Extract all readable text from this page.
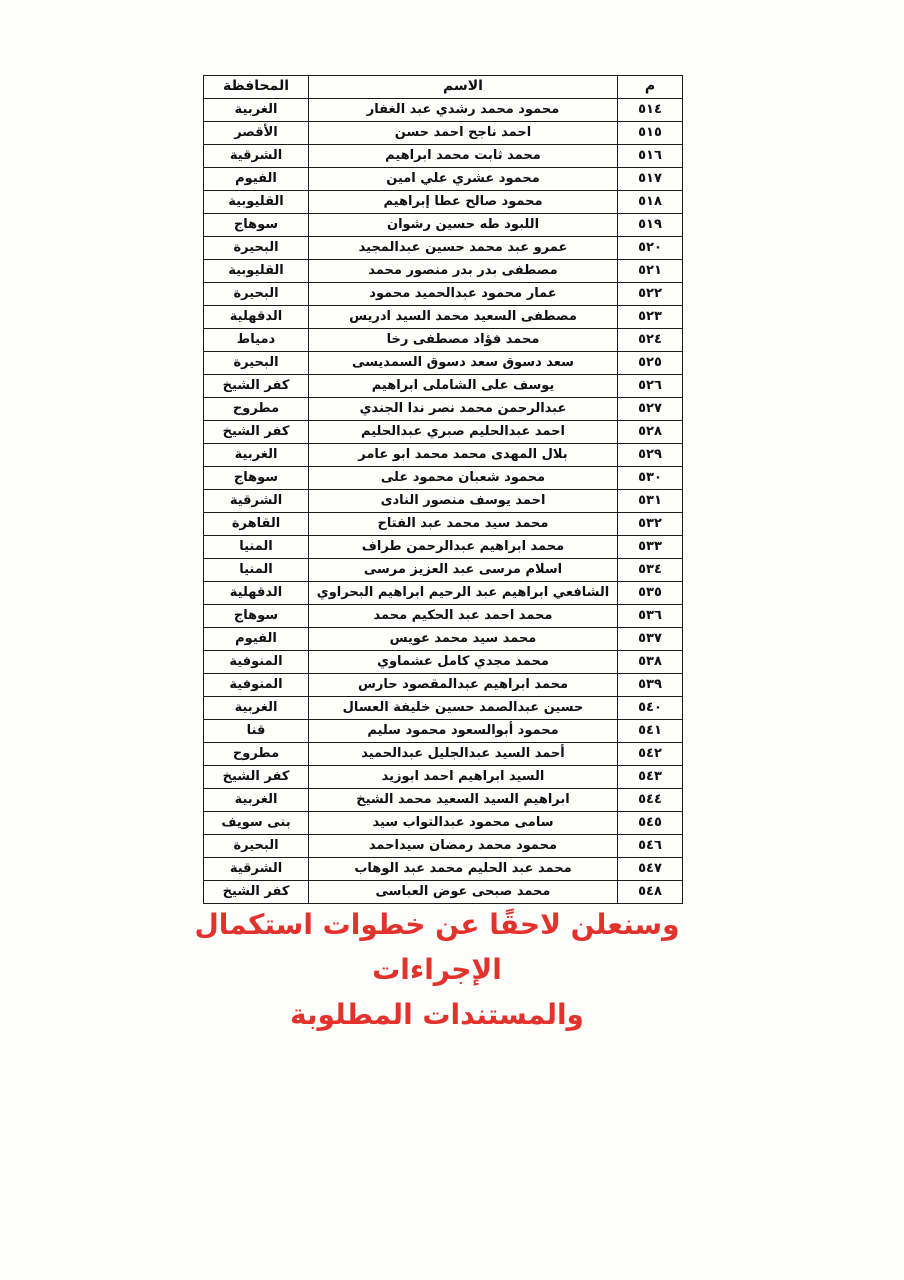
م	الاسم	المحافظة
٥١٤	محمود محمد رشدي عبد الغفار	الغربية
٥١٥	احمد ناجح احمد حسن	الأقصر
٥١٦	محمد ثابت محمد ابراهيم	الشرقية
٥١٧	محمود عشري علي امين	الفيوم
٥١٨	محمود صالح عطا إبراهيم	القليوبية
٥١٩	اللبود طه حسين رشوان	سوهاج
٥٢٠	عمرو عبد محمد حسين عبدالمجيد	البحيرة
٥٢١	مصطفى بدر بدر منصور محمد	القليوبية
٥٢٢	عمار محمود عبدالحميد محمود	البحيرة
٥٢٣	مصطفى السعيد محمد السيد ادريس	الدقهلية
٥٢٤	محمد فؤاد مصطفى رخا	دمياط
٥٢٥	سعد دسوق سعد دسوق السمديسى	البحيرة
٥٢٦	يوسف على الشاملى ابراهيم	كفر الشيخ
٥٢٧	عبدالرحمن محمد نصر ندا الجندي	مطروح
٥٢٨	احمد عبدالحليم صبري عبدالحليم	كفر الشيخ
٥٢٩	بلال المهدى محمد محمد ابو عامر	الغربية
٥٣٠	محمود شعبان محمود على	سوهاج
٥٣١	احمد يوسف منصور النادى	الشرقية
٥٣٢	محمد سيد محمد عبد الفتاح	القاهرة
٥٣٣	محمد ابراهيم عبدالرحمن طراف	المنيا
٥٣٤	اسلام مرسى عبد العزيز مرسى	المنيا
٥٣٥	الشافعي ابراهيم عبد الرحيم ابراهيم البحراوي	الدقهلية
٥٣٦	محمد احمد عبد الحكيم محمد	سوهاج
٥٣٧	محمد سيد محمد عويس	الفيوم
٥٣٨	محمد مجدي كامل عشماوي	المنوفية
٥٣٩	محمد ابراهيم عبدالمقصود حارس	المنوفية
٥٤٠	حسين عبدالصمد حسين خليفة العسال	الغربية
٥٤١	محمود أبوالسعود محمود سليم	قنا
٥٤٢	أحمد السيد عبدالجليل عبدالحميد	مطروح
٥٤٣	السيد ابراهيم احمد ابوزيد	كفر الشيخ
٥٤٤	ابراهيم السيد السعيد محمد الشيخ	الغربية
٥٤٥	سامى محمود عبدالتواب سيد	بنى سويف
٥٤٦	محمود محمد رمضان سيداحمد	البحيرة
٥٤٧	محمد عبد الحليم محمد عبد الوهاب	الشرقية
٥٤٨	محمد صبحى عوض العباسى	كفر الشيخ
وسنعلن لاحقًا عن خطوات استكمال الإجراءات
والمستندات المطلوبة
